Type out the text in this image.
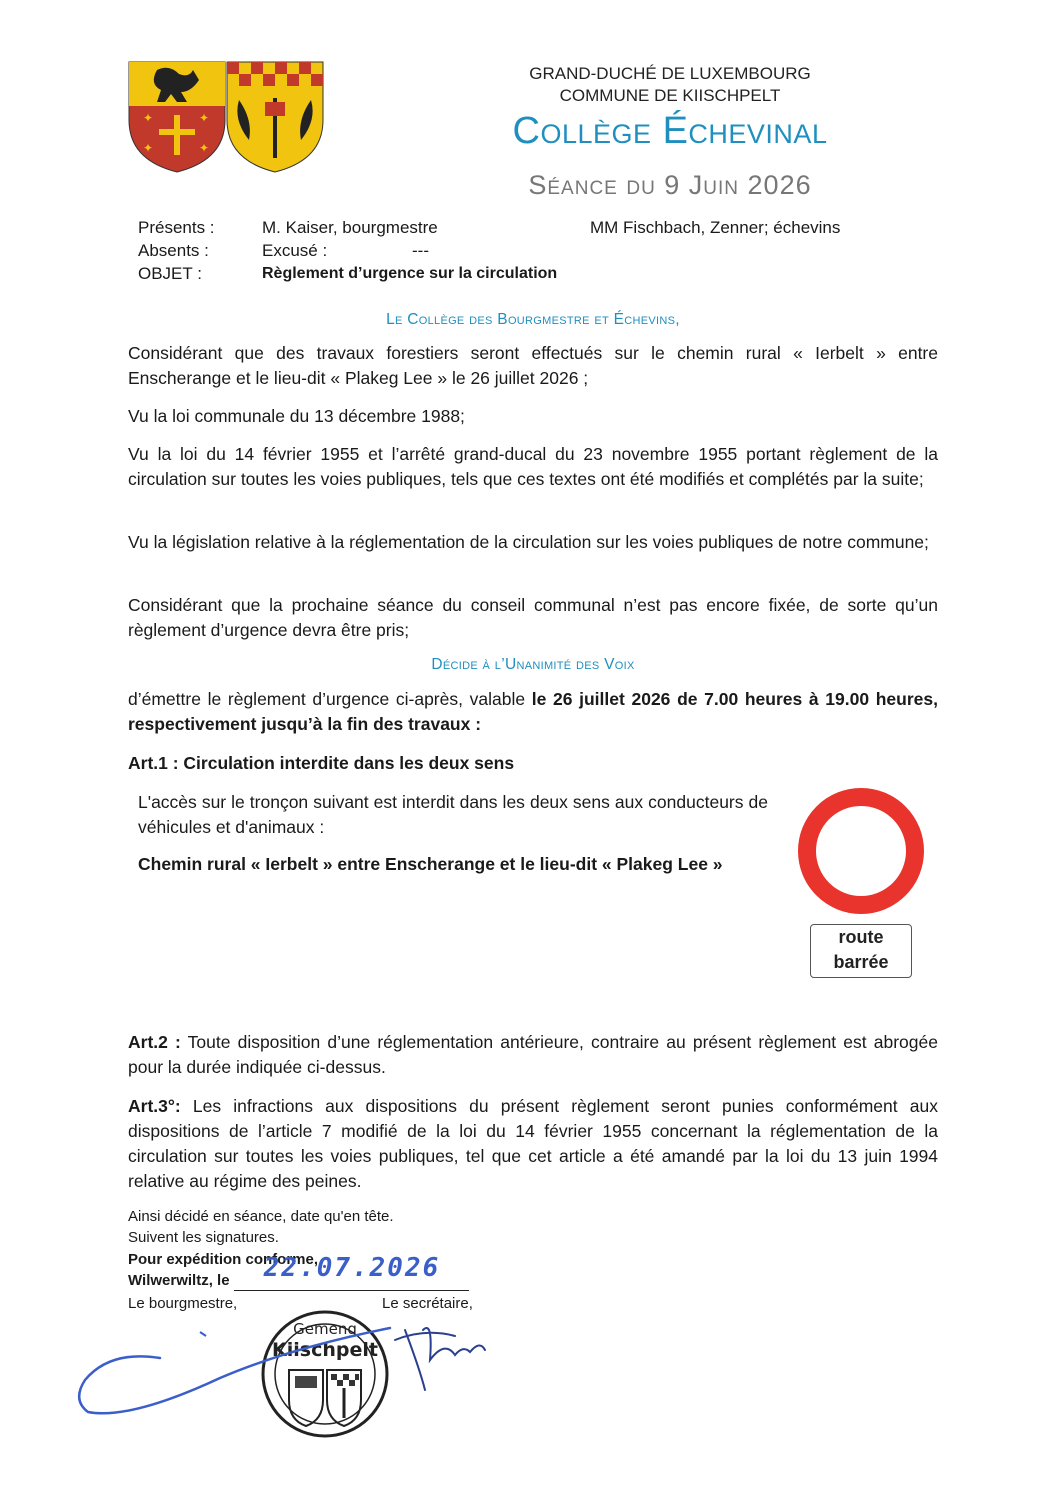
✦	✦
✦	✦
GRAND-DUCHÉ DE LUXEMBOURG
COMMUNE DE KIISCHPELT
Collège Échevinal
Séance du 9 Juin 2026
Présents :	M. Kaiser, bourgmestre	MM Fischbach, Zenner; échevins
Absents :	Excusé :	---
OBJET :	Règlement d’urgence sur la circulation
Le Collège des Bourgmestre et Échevins,
Considérant que des travaux forestiers seront effectués sur le chemin rural « Ierbelt » entre Enscherange et le lieu-dit « Plakeg Lee » le 26 juillet 2026 ;
Vu la loi communale du 13 décembre 1988;
Vu la loi du 14 février 1955 et l’arrêté grand-ducal du 23 novembre 1955 portant règlement de la circulation sur toutes les voies publiques, tels que ces textes ont été modifiés et complétés par la suite;
Vu la législation relative à la réglementation de la circulation sur les voies publiques de notre commune;
Considérant que la prochaine séance du conseil communal n’est pas encore fixée, de sorte qu’un règlement d’urgence devra être pris;
Décide à l’Unanimité des Voix
d’émettre le règlement d’urgence ci-après, valable le 26 juillet 2026 de 7.00 heures à 19.00 heures, respectivement jusqu’à la fin des travaux :
Art.1 : Circulation interdite dans les deux sens
L'accès sur le tronçon suivant est interdit dans les deux sens aux conducteurs de véhicules et d'animaux :
Chemin rural « Ierbelt » entre Enscherange et le lieu-dit « Plakeg Lee »
route
barrée
Art.2 : Toute disposition d’une réglementation antérieure, contraire au présent règlement est abrogée pour la durée indiquée ci-dessus.
Art.3°: Les infractions aux dispositions du présent règlement seront punies conformément aux dispositions de l’article 7 modifié de la loi du 14 février 1955 concernant la réglementation de la circulation sur toutes les voies publiques, tel que cet article a été amandé par la loi du 13 juin 1994 relative au régime des peines.
Ainsi décidé en séance, date qu'en tête.
Suivent les signatures.
Pour expédition conforme,
Wilwerwiltz, le 22.07.2026
Le bourgmestre,	Le secrétaire,
Gemeng
Kiischpelt
